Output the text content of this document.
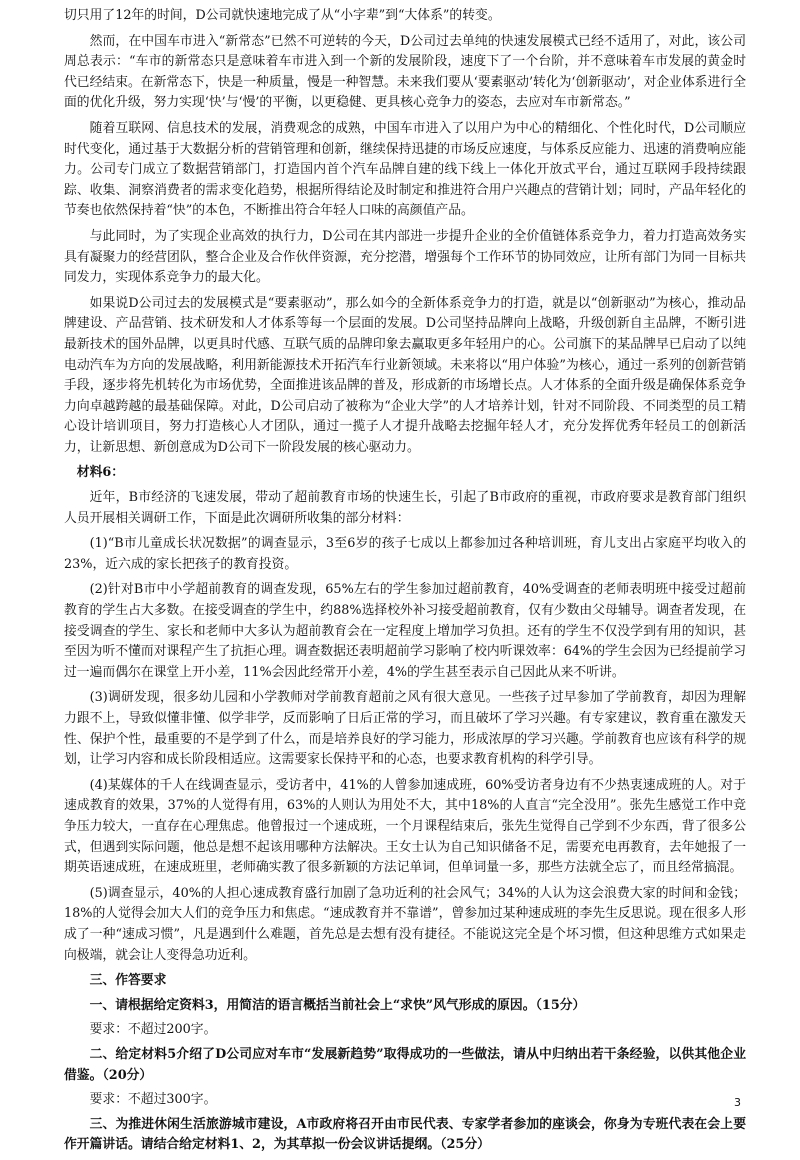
切只用了12年的时间，D公司就快速地完成了从“小字辈”到“大体系”的转变。

然而，在中国车市进入“新常态”已然不可逆转的今天，D公司过去单纯的快速发展模式已经不适用了，对此，该公司周总表示：“车市的新常态只是意味着车市进入到一个新的发展阶段，速度下了一个台阶，并不意味着车市发展的黄金时代已经结束。在新常态下，快是一种质量，慢是一种智慧。未来我们要从‘要素驱动’转化为‘创新驱动’，对企业体系进行全面的优化升级，努力实现‘快’与‘慢’的平衡，以更稳健、更具核心竞争力的姿态，去应对车市新常态。”

随着互联网、信息技术的发展，消费观念的成熟，中国车市进入了以用户为中心的精细化、个性化时代，D公司顺应时代变化，通过基于大数据分析的营销管理和创新，继续保持迅捷的市场反应速度，与体系反应能力、迅速的消费响应能力。公司专门成立了数据营销部门，打造国内首个汽车品牌自建的线下线上一体化开放式平台，通过互联网手段持续跟踪、收集、洞察消费者的需求变化趋势，根据所得结论及时制定和推进符合用户兴趣点的营销计划；同时，产品年轻化的节奏也依然保持着“快”的本色，不断推出符合年轻人口味的高颜值产品。

与此同时，为了实现企业高效的执行力，D公司在其内部进一步提升企业的全价值链体系竞争力，着力打造高效务实具有凝聚力的经营团队，整合企业及合作伙伴资源，充分挖潜，增强每个工作环节的协同效应，让所有部门为同一目标共同发力，实现体系竞争力的最大化。

如果说D公司过去的发展模式是“要素驱动”，那么如今的全新体系竞争力的打造，就是以“创新驱动”为核心，推动品牌建设、产品营销、技术研发和人才体系等每一个层面的发展。D公司坚持品牌向上战略，升级创新自主品牌，不断引进最新技术的国外品牌，以更具时代感、互联气质的品牌印象去赢取更多年轻用户的心。公司旗下的某品牌早已启动了以纯电动汽车为方向的发展战略，利用新能源技术开拓汽车行业新领域。未来将以“用户体验”为核心，通过一系列的创新营销手段，逐步将先机转化为市场优势，全面推进该品牌的普及，形成新的市场增长点。人才体系的全面升级是确保体系竞争力向卓越跨越的最基础保障。对此，D公司启动了被称为“企业大学”的人才培养计划，针对不同阶段、不同类型的员工精心设计培训项目，努力打造核心人才团队，通过一揽子人才提升战略去挖掘年轻人才，充分发挥优秀年轻员工的创新活力，让新思想、新创意成为D公司下一阶段发展的核心驱动力。

材料6：

近年，B市经济的飞速发展，带动了超前教育市场的快速生长，引起了B市政府的重视，市政府要求是教育部门组织人员开展相关调研工作，下面是此次调研所收集的部分材料：

(1)“B市儿童成长状况数据”的调查显示，3至6岁的孩子七成以上都参加过各种培训班，育儿支出占家庭平均收入的23%，近六成的家长把孩子的教育投资。

(2)针对B市中小学超前教育的调查发现，65%左右的学生参加过超前教育，40%受调查的老师表明班中接受过超前教育的学生占大多数。在接受调查的学生中，约88%选择校外补习接受超前教育，仅有少数由父母辅导。调查者发现，在接受调查的学生、家长和老师中大多认为超前教育会在一定程度上增加学习负担。还有的学生不仅没学到有用的知识，甚至因为听不懂而对课程产生了抗拒心理。调查数据还表明超前学习影响了校内听课效率：64%的学生会因为已经提前学习过一遍而偶尔在课堂上开小差，11%会因此经常开小差，4%的学生甚至表示自己因此从来不听讲。

(3)调研发现，很多幼儿园和小学教师对学前教育超前之风有很大意见。一些孩子过早参加了学前教育，却因为理解力跟不上，导致似懂非懂、似学非学，反而影响了日后正常的学习，而且破坏了学习兴趣。有专家建议，教育重在激发天性、保护个性，最重要的不是学到了什么，而是培养良好的学习能力，形成浓厚的学习兴趣。学前教育也应该有科学的规划，让学习内容和成长阶段相适应。这需要家长保持平和的心态，也要求教育机构的科学引导。

(4)某媒体的千人在线调查显示，受访者中，41%的人曾参加速成班，60%受访者身边有不少热衷速成班的人。对于速成教育的效果，37%的人觉得有用，63%的人则认为用处不大，其中18%的人直言“完全没用”。张先生感觉工作中竞争压力较大，一直存在心理焦虑。他曾报过一个速成班，一个月课程结束后，张先生觉得自己学到不少东西，背了很多公式，但遇到实际问题，他总是想不起该用哪种方法解决。王女士认为自己知识储备不足，需要充电再教育，去年她报了一期英语速成班，在速成班里，老师确实教了很多新颖的方法记单词，但单词量一多，那些方法就全忘了，而且经常搞混。

(5)调查显示，40%的人担心速成教育盛行加剧了急功近利的社会风气；34%的人认为这会浪费大家的时间和金钱；18%的人觉得会加大人们的竞争压力和焦虑。“速成教育并不靠谱”，曾参加过某种速成班的李先生反思说。现在很多人形成了一种“速成习惯”，凡是遇到什么难题，首先总是去想有没有捷径。不能说这完全是个坏习惯，但这种思维方式如果走向极端，就会让人变得急功近利。

三、作答要求

一、请根据给定资料3，用简洁的语言概括当前社会上“求快”风气形成的原因。（15分）

要求：不超过200字。

二、给定材料5介绍了D公司应对车市“发展新趋势”取得成功的一些做法，请从中归纳出若干条经验，以供其他企业借鉴。（20分）

要求：不超过300字。

三、为推进休闲生活旅游城市建设，A市政府将召开由市民代表、专家学者参加的座谈会，你身为专班代表在会上要作开篇讲话。请结合给定材料1、2，为其草拟一份会议讲话提纲。（25分）

3
